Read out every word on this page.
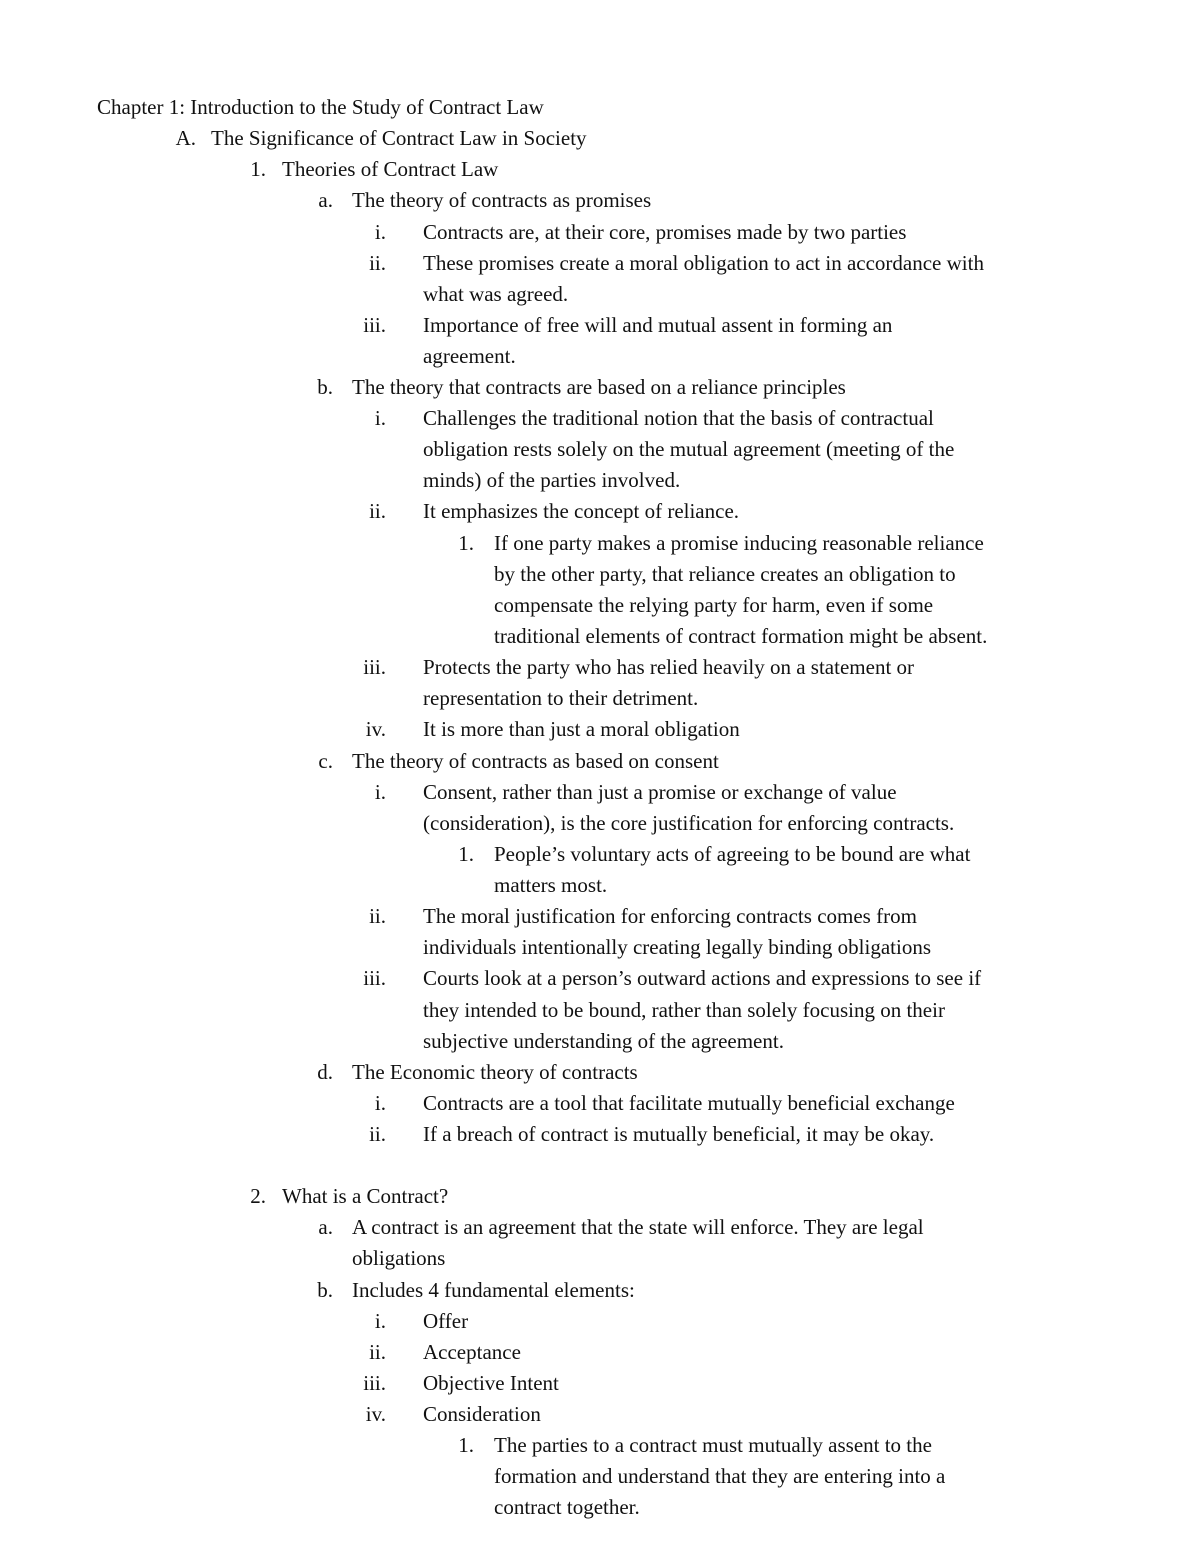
Chapter 1: Introduction to the Study of Contract Law
A. The Significance of Contract Law in Society
1. Theories of Contract Law
a. The theory of contracts as promises
i. Contracts are, at their core, promises made by two parties
ii. These promises create a moral obligation to act in accordance with
what was agreed.
iii. Importance of free will and mutual assent in forming an
agreement.
b. The theory that contracts are based on a reliance principles
i. Challenges the traditional notion that the basis of contractual
obligation rests solely on the mutual agreement (meeting of the
minds) of the parties involved.
ii. It emphasizes the concept of reliance.
1. If one party makes a promise inducing reasonable reliance
by the other party, that reliance creates an obligation to
compensate the relying party for harm, even if some
traditional elements of contract formation might be absent.
iii. Protects the party who has relied heavily on a statement or
representation to their detriment.
iv. It is more than just a moral obligation
c. The theory of contracts as based on consent
i. Consent, rather than just a promise or exchange of value
(consideration), is the core justification for enforcing contracts.
1. People’s voluntary acts of agreeing to be bound are what
matters most.
ii. The moral justification for enforcing contracts comes from
individuals intentionally creating legally binding obligations
iii. Courts look at a person’s outward actions and expressions to see if
they intended to be bound, rather than solely focusing on their
subjective understanding of the agreement.
d. The Economic theory of contracts
i. Contracts are a tool that facilitate mutually beneficial exchange
ii. If a breach of contract is mutually beneficial, it may be okay.
2. What is a Contract?
a. A contract is an agreement that the state will enforce. They are legal
obligations
b. Includes 4 fundamental elements:
i. Offer
ii. Acceptance
iii. Objective Intent
iv. Consideration
1. The parties to a contract must mutually assent to the
formation and understand that they are entering into a
contract together.
